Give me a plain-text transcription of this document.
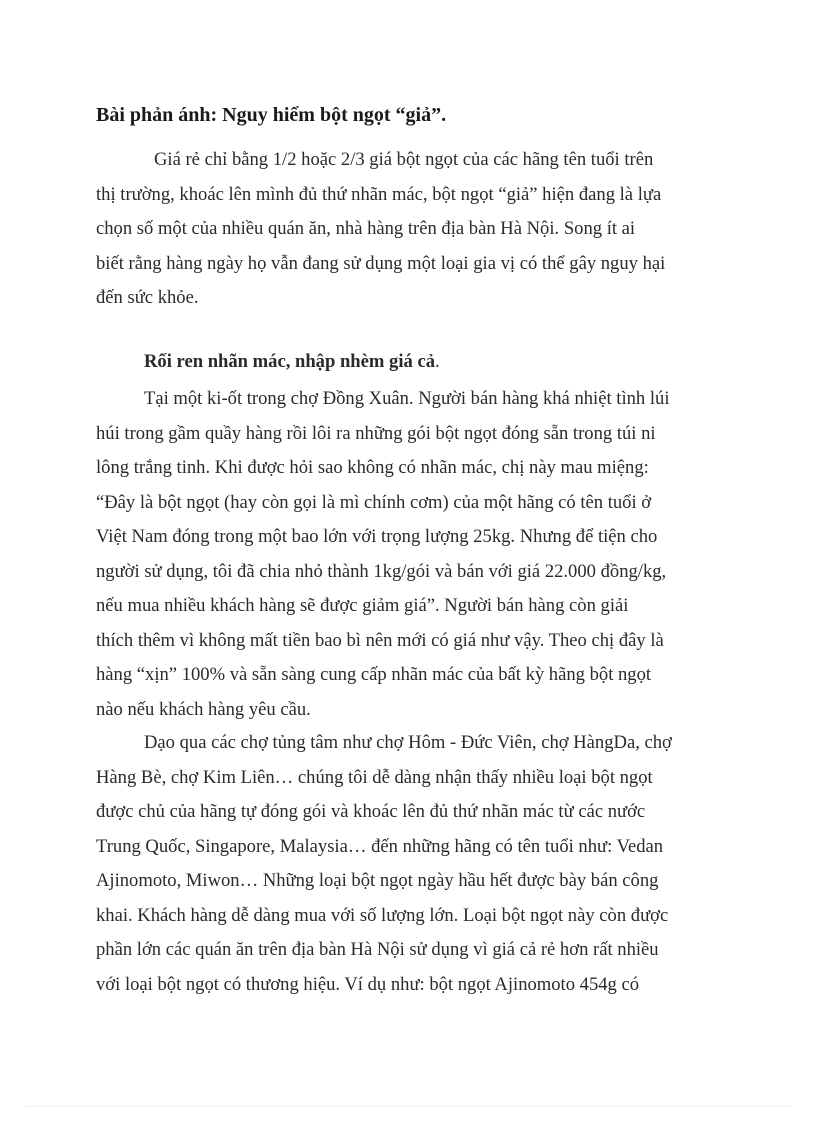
Bài phản ánh: Nguy hiểm bột ngọt “giả”.
Giá rẻ chỉ bằng 1/2 hoặc 2/3 giá bột ngọt của các hãng tên tuổi trên
thị trường, khoác lên mình đủ thứ nhãn mác, bột ngọt “giả” hiện đang là lựa
chọn số một của nhiều quán ăn, nhà hàng trên địa bàn Hà Nội. Song ít ai
biết rằng hàng ngày họ vẫn đang sử dụng một loại gia vị có thể gây nguy hại
đến sức khỏe.

Rối ren nhãn mác, nhập nhèm giá cả.

Tại một ki-ốt trong chợ Đồng Xuân. Người bán hàng khá nhiệt tình lúi
húi trong gầm quầy hàng rồi lôi ra những gói bột ngọt đóng sẵn trong túi ni
lông trắng tinh. Khi được hỏi sao không có nhãn mác, chị này mau miệng:
“Đây là bột ngọt (hay còn gọi là mì chính cơm) của một hãng có tên tuổi ở
Việt Nam đóng trong một bao lớn với trọng lượng 25kg. Nhưng để tiện cho
người sử dụng, tôi đã chia nhỏ thành 1kg/gói và bán với giá 22.000 đồng/kg,
nếu mua nhiều khách hàng sẽ được giảm giá”. Người bán hàng còn giải
thích thêm vì không mất tiền bao bì nên mới có giá như vậy. Theo chị đây là
hàng “xịn” 100% và sẵn sàng cung cấp nhãn mác của bất kỳ hãng bột ngọt
nào nếu khách hàng yêu cầu.
Dạo qua các chợ tủng tâm như chợ Hôm - Đức Viên, chợ HàngDa, chợ
Hàng Bè, chợ Kim Liên… chúng tôi dễ dàng nhận thấy nhiều loại bột ngọt
được chủ của hãng tự đóng gói và khoác lên đủ thứ nhãn mác từ các nước
Trung Quốc, Singapore, Malaysia… đến những hãng có tên tuổi như: Vedan
Ajinomoto, Miwon… Những loại bột ngọt ngày hầu hết được bày bán công
khai. Khách hàng dễ dàng mua với số lượng lớn. Loại bột ngọt này còn được
phần lớn các quán ăn trên địa bàn Hà Nội sử dụng vì giá cả rẻ hơn rất nhiều
với loại bột ngọt có thương hiệu. Ví dụ như: bột ngọt Ajinomoto 454g có
